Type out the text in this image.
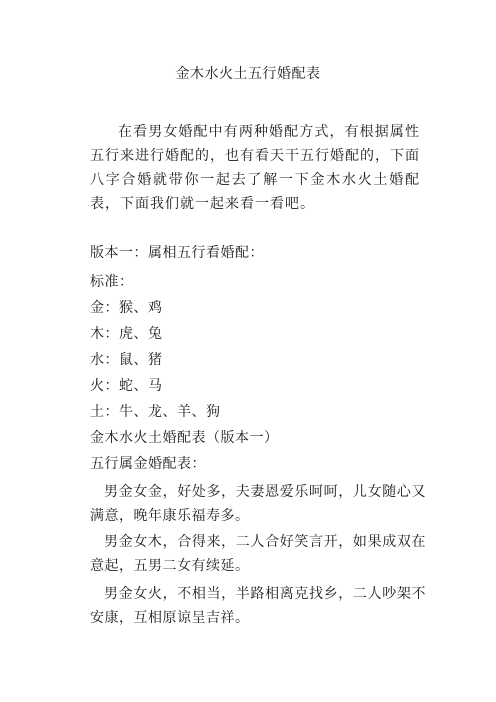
金木水火土五行婚配表
在看男女婚配中有两种婚配方式，有根据属性五行来进行婚配的，也有看天干五行婚配的，下面八字合婚就带你一起去了解一下金木水火土婚配表，下面我们就一起来看一看吧。
版本一：属相五行看婚配：
标准：
金：猴、鸡
木：虎、兔
水：鼠、猪
火：蛇、马
土：牛、龙、羊、狗
金木水火土婚配表（版本一）
五行属金婚配表：
男金女金，好处多，夫妻恩爱乐呵呵，儿女随心又满意，晚年康乐福寿多。
男金女木，合得来，二人合好笑言开，如果成双在意起，五男二女有续延。
男金女火，不相当，半路相离克找乡，二人吵架不安康，互相原谅呈吉祥。
